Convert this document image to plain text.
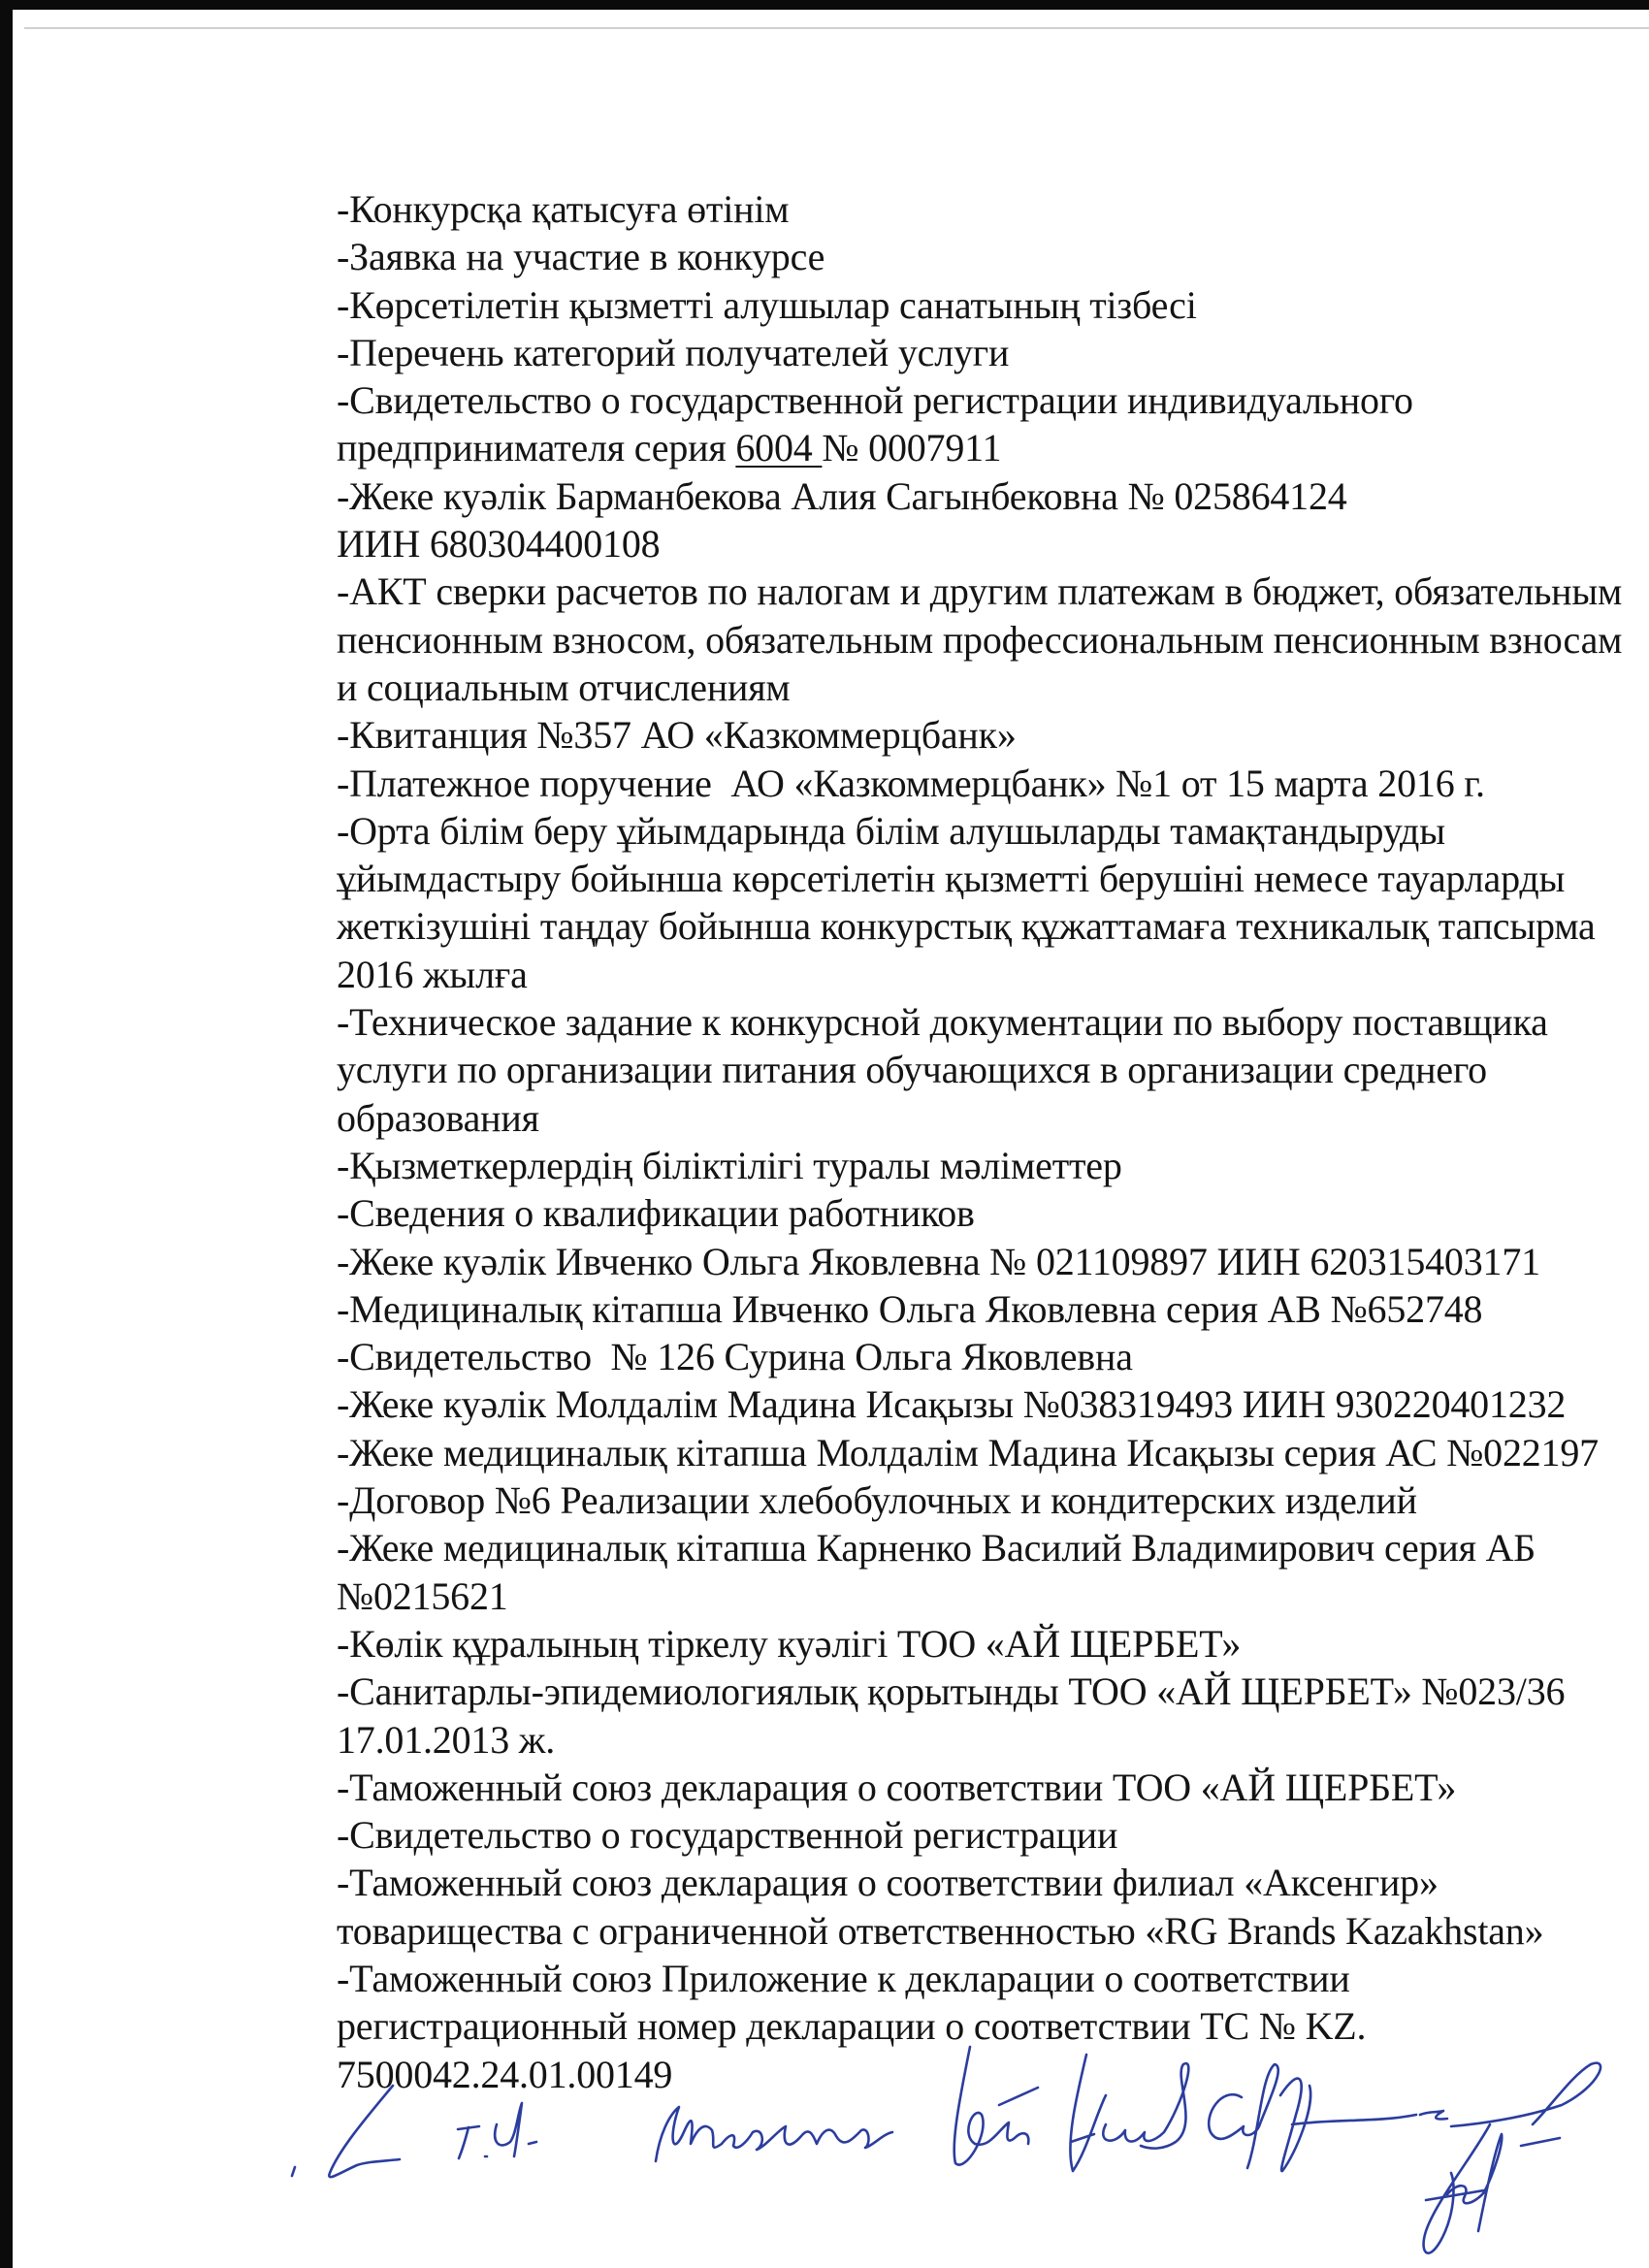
-Конкурсқа қатысуға өтінім
-Заявка на участие в конкурсе
-Көрсетілетін қызметті алушылар санатының тізбесі
-Перечень категорий получателей услуги
-Свидетельство о государственной регистрации индивидуального
предпринимателя серия 6004 № 0007911
-Жеке куәлік Барманбекова Алия Сагынбековна № 025864124
ИИН 680304400108
-АКТ сверки расчетов по налогам и другим платежам в бюджет, обязательным
пенсионным взносом, обязательным профессиональным пенсионным взносам
и социальным отчислениям
-Квитанция №357 АО «Казкоммерцбанк»
-Платежное поручение  АО «Казкоммерцбанк» №1 от 15 марта 2016 г.
-Орта білім беру ұйымдарында білім алушыларды тамақтандыруды
ұйымдастыру бойынша көрсетілетін қызметті берушіні немесе тауарларды
жеткізушіні таңдау бойынша конкурстық құжаттамаға техникалық тапсырма
2016 жылға
-Техническое задание к конкурсной документации по выбору поставщика
услуги по организации питания обучающихся в организации среднего
образования
-Қызметкерлердің біліктілігі туралы мәліметтер
-Сведения о квалификации работников
-Жеке куәлік Ивченко Ольга Яковлевна № 021109897 ИИН 620315403171
-Медициналық кітапша Ивченко Ольга Яковлевна серия АВ №652748
-Свидетельство  № 126 Сурина Ольга Яковлевна
-Жеке куәлік Молдалім Мадина Исақызы №038319493 ИИН 930220401232
-Жеке медициналық кітапша Молдалім Мадина Исақызы серия АС №022197
-Договор №6 Реализации хлебобулочных и кондитерских изделий
-Жеке медициналық кітапша Карненко Василий Владимирович серия АБ
№0215621
-Көлік құралының тіркелу куәлігі ТОО «АЙ ЩЕРБЕТ»
-Санитарлы-эпидемиологиялық қорытынды ТОО «АЙ ЩЕРБЕТ» №023/36
17.01.2013 ж.
-Таможенный союз декларация о соответствии ТОО «АЙ ЩЕРБЕТ»
-Свидетельство о государственной регистрации
-Таможенный союз декларация о соответствии филиал «Аксенгир»
товарищества с ограниченной ответственностью «RG Brands Kazakhstan»
-Таможенный союз Приложение к декларации о соответствии
регистрационный номер декларации о соответствии ТС № KZ.
7500042.24.01.00149
